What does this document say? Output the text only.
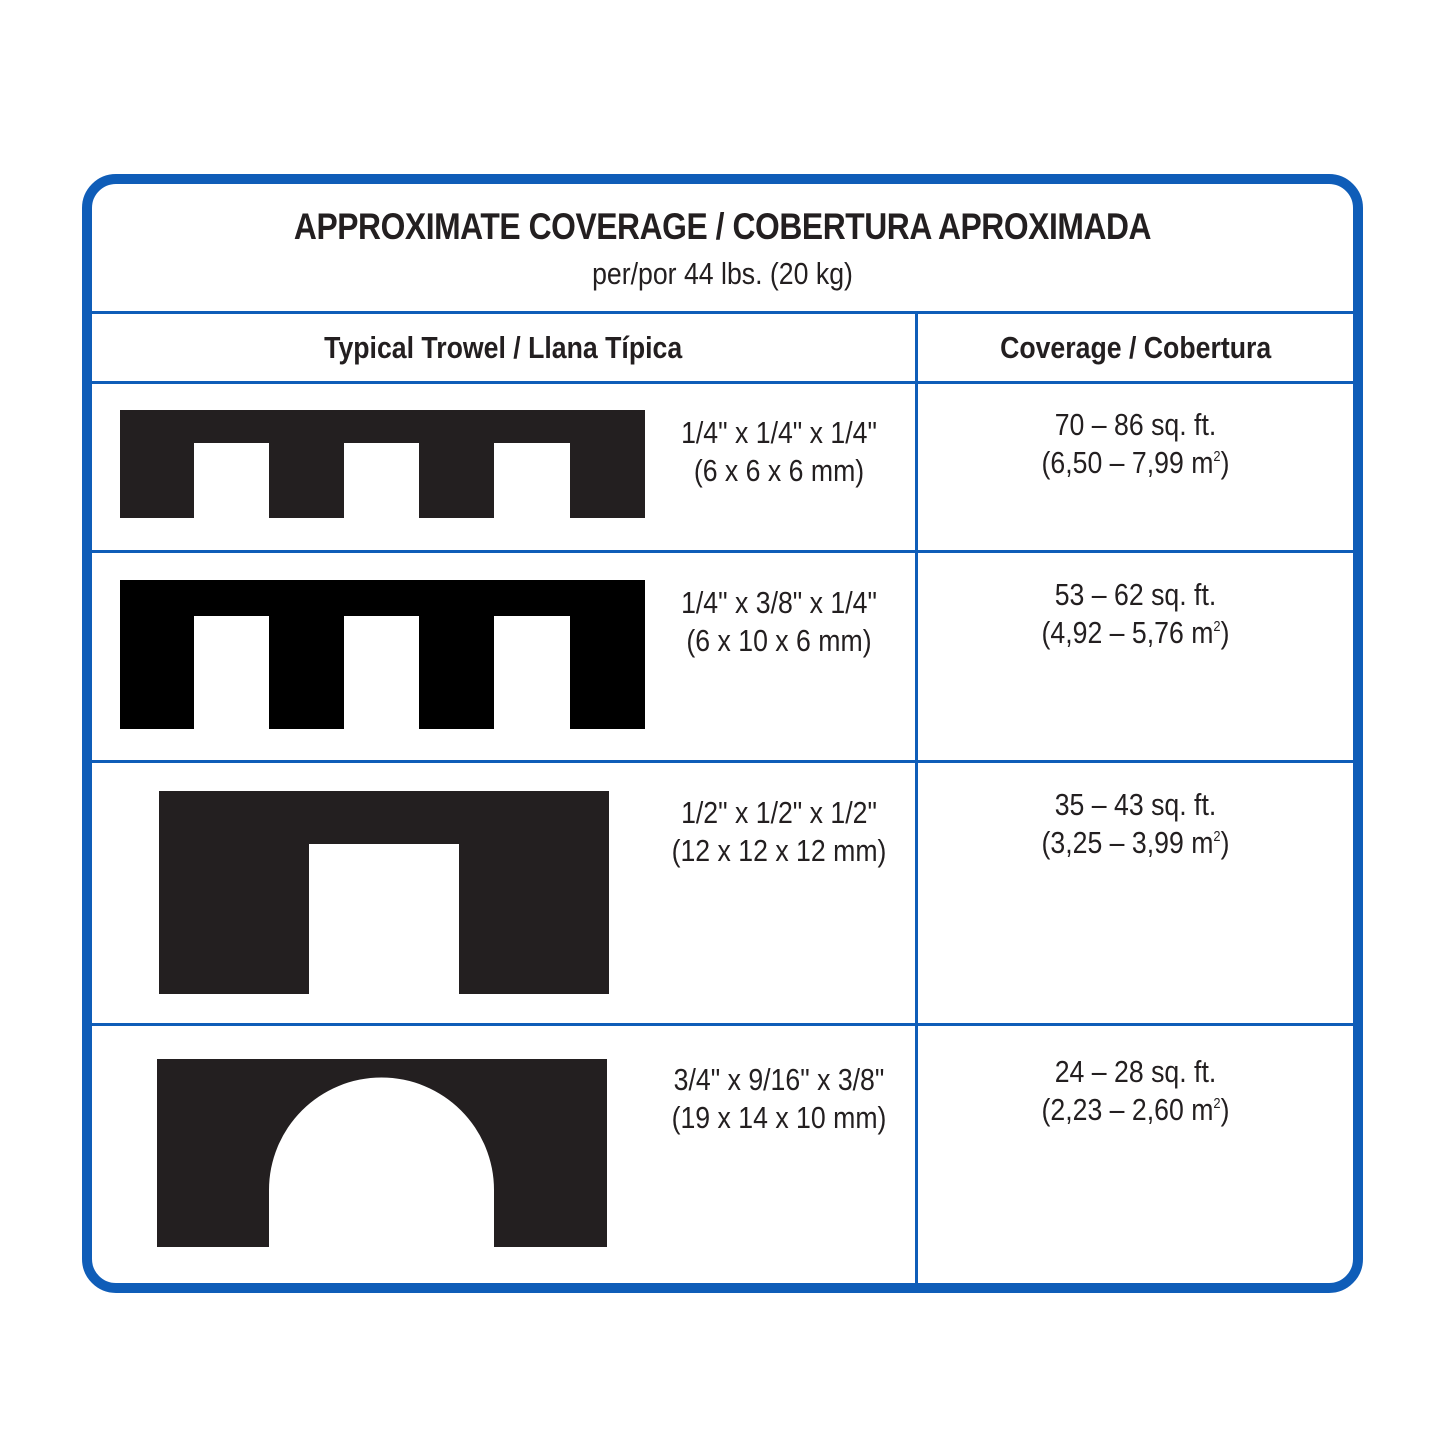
APPROXIMATE COVERAGE / COBERTURA APROXIMADA
per/por 44 lbs. (20 kg)
Typical Trowel / Llana Típica	Coverage / Cobertura
1/4" x 1/4" x 1/4"
(6 x 6 x 6 mm)
70 – 86 sq. ft.
(6,50 – 7,99 $m^2$)
1/4" x 3/8" x 1/4"
(6 x 10 x 6 mm)
53 – 62 sq. ft.
(4,92 – 5,76 $m^2$)
1/2" x 1/2" x 1/2"
(12 x 12 x 12 mm)
35 – 43 sq. ft.
(3,25 – 3,99 $m^2$)
3/4" x 9/16" x 3/8"
(19 x 14 x 10 mm)
24 – 28 sq. ft.
(2,23 – 2,60 $m^2$)
